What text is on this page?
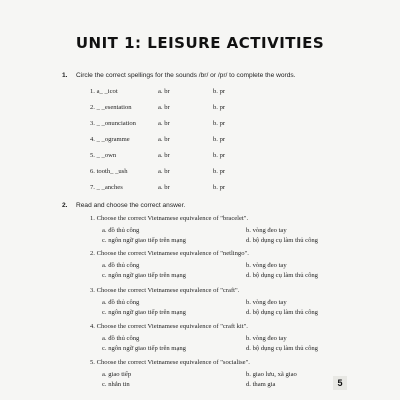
UNIT 1: LEISURE ACTIVITIES
1. Circle the correct spellings for the sounds /br/ or /pr/ to complete the words.
1. a_ _icot	a. br	b. pr
2. _ _esentation	a. br	b. pr
3. _ _onunciation	a. br	b. pr
4. _ _ogramme	a. br	b. pr
5. _ _own	a. br	b. pr
6. tooth_ _ush	a. br	b. pr
7. _ _anches	a. br	b. pr
2. Read and choose the correct answer.
1. Choose the correct Vietnamese equivalence of "bracelet".
a. đồ thủ công	b. vòng đeo tay
c. ngôn ngữ giao tiếp trên mạng	d. bộ dụng cụ làm thủ công
2. Choose the correct Vietnamese equivalence of "netlingo".
a. đồ thủ công	b. vòng đeo tay
c. ngôn ngữ giao tiếp trên mạng	d. bộ dụng cụ làm thủ công
3. Choose the correct Vietnamese equivalence of "craft".
a. đồ thủ công	b. vòng đeo tay
c. ngôn ngữ giao tiếp trên mạng	d. bộ dụng cụ làm thủ công
4. Choose the correct Vietnamese equivalence of "craft kit".
a. đồ thủ công	b. vòng đeo tay
c. ngôn ngữ giao tiếp trên mạng	d. bộ dụng cụ làm thủ công
5. Choose the correct Vietnamese equivalence of "socialise".
a. giao tiếp	b. giao lưu, xã giao
c. nhắn tin	d. tham gia	5
